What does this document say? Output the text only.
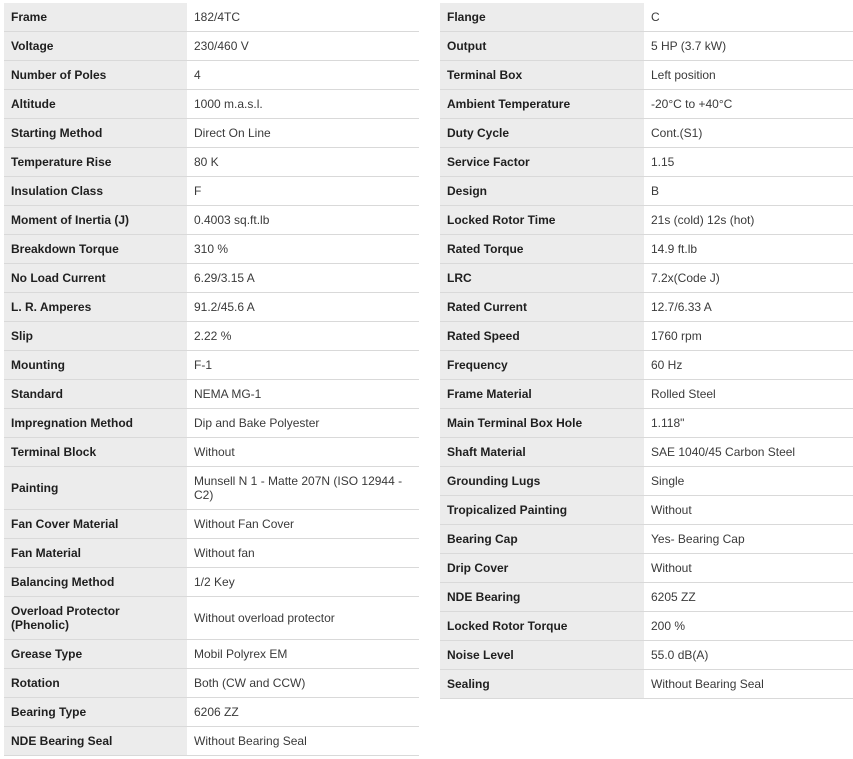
Frame	182/4TC
Voltage	230/460 V
Number of Poles	4
Altitude	1000 m.a.s.l.
Starting Method	Direct On Line
Temperature Rise	80 K
Insulation Class	F
Moment of Inertia (J)	0.4003 sq.ft.lb
Breakdown Torque	310 %
No Load Current	6.29/3.15 A
L. R. Amperes	91.2/45.6 A
Slip	2.22 %
Mounting	F-1
Standard	NEMA MG-1
Impregnation Method	Dip and Bake Polyester
Terminal Block	Without
Painting	Munsell N 1 - Matte 207N (ISO 12944 - C2)
Fan Cover Material	Without Fan Cover
Fan Material	Without fan
Balancing Method	1/2 Key
Overload Protector (Phenolic)	Without overload protector
Grease Type	Mobil Polyrex EM
Rotation	Both (CW and CCW)
Bearing Type	6206 ZZ
NDE Bearing Seal	Without Bearing Seal
Flange	C
Output	5 HP (3.7 kW)
Terminal Box	Left position
Ambient Temperature	-20°C to +40°C
Duty Cycle	Cont.(S1)
Service Factor	1.15
Design	B
Locked Rotor Time	21s (cold) 12s (hot)
Rated Torque	14.9 ft.lb
LRC	7.2x(Code J)
Rated Current	12.7/6.33 A
Rated Speed	1760 rpm
Frequency	60 Hz
Frame Material	Rolled Steel
Main Terminal Box Hole	1.118"
Shaft Material	SAE 1040/45 Carbon Steel
Grounding Lugs	Single
Tropicalized Painting	Without
Bearing Cap	Yes- Bearing Cap
Drip Cover	Without
NDE Bearing	6205 ZZ
Locked Rotor Torque	200 %
Noise Level	55.0 dB(A)
Sealing	Without Bearing Seal
